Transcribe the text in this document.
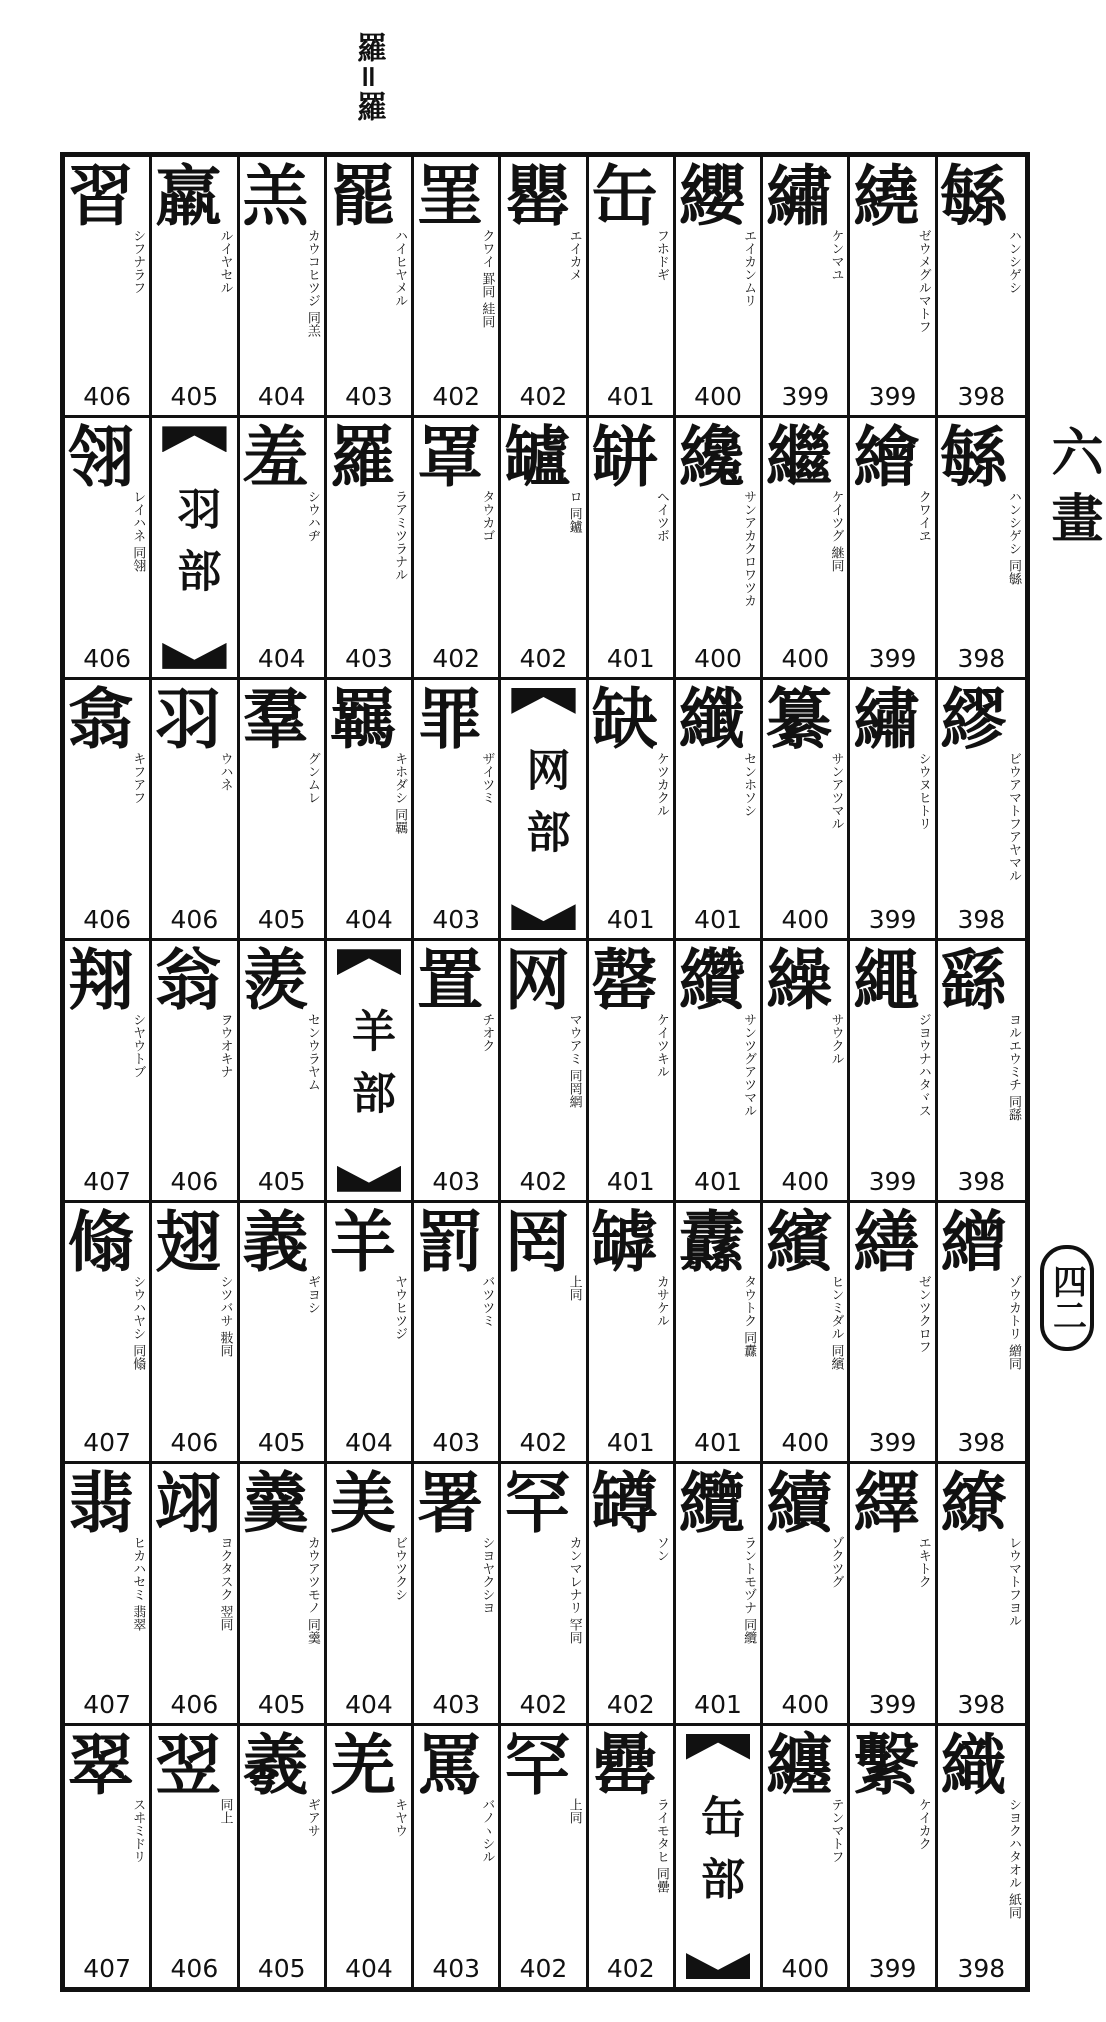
羅=羅
六畫
四二
習
シフナラフ
406
羸
ルイヤセル
405
羔
カウコヒツジ 同羔
404
罷
ハイヒヤメル
403
罣
クワイ 罫同 絓同
402
罌
エイカメ
402
缶
フホドギ
401
纓
エイカンムリ
400
繡
ケンマユ
399
繞
ゼウメグルマトフ
399
緐
ハンシゲシ
398
翎
レイハネ 同翎
406
羽部
羞
シウハヂ
404
羅
ラアミツラナル
403
罩
タウカゴ
402
罏
ロ 同鑪
402
缾
ヘイツボ
401
纔
サンアカクロワツカ
400
繼
ケイツグ 継同
400
繪
クワイヱ
399
緐
ハンシゲシ 同緐
398
翕
キフアフ
406
羽
ウハネ
406
羣
グンムレ
405
羈
キホダシ 同羈
404
罪
ザイツミ
403
网部
缺
ケツカクル
401
纖
センホソシ
401
纂
サンアツマル
400
繡
シウヌヒトリ
399
繆
ビウアマトフアヤマル
398
翔
シヤウトブ
407
翁
ヲウオキナ
406
羨
センウラヤム
405
羊部
置
チオク
403
网
マウアミ 同罔網
402
罄
ケイツキル
401
纘
サンツグアツマル
401
繰
サウクル
400
繩
ジヨウナハタヾス
399
繇
ヨルエウミチ 同繇
398
翛
シウハヤシ 同翛
407
翅
シツバサ 翄同
406
義
ギヨシ
405
羊
ヤウヒツジ
404
罰
バツツミ
403
罔
上同
402
罅
カサケル
401
纛
タウトク 同纛
401
繽
ヒンミダル 同繽
400
繕
ゼンツクロフ
399
繒
ゾウカトリ 繒同
398
翡
ヒカハセミ 翡翠
407
翊
ヨクタスク 翌同
406
羹
カウアツモノ 同羹
405
美
ビウツクシ
404
署
シヨヤクシヨ
403
罕
カンマレナリ 罕同
402
罇
ソン
402
纜
ラントモヅナ 同纜
401
續
ゾクツグ
400
繹
エキトク
399
繚
レウマトフヨル
398
翠
スヰミドリ
407
翌
同上
406
羲
ギアサ
405
羌
キヤウ
404
罵
バノヽシル
403
罕
上同
402
罍
ライモタヒ 同罍
402
缶部
纏
テンマトフ
400
繫
ケイカク
399
織
シヨクハタオル 紙同
398
